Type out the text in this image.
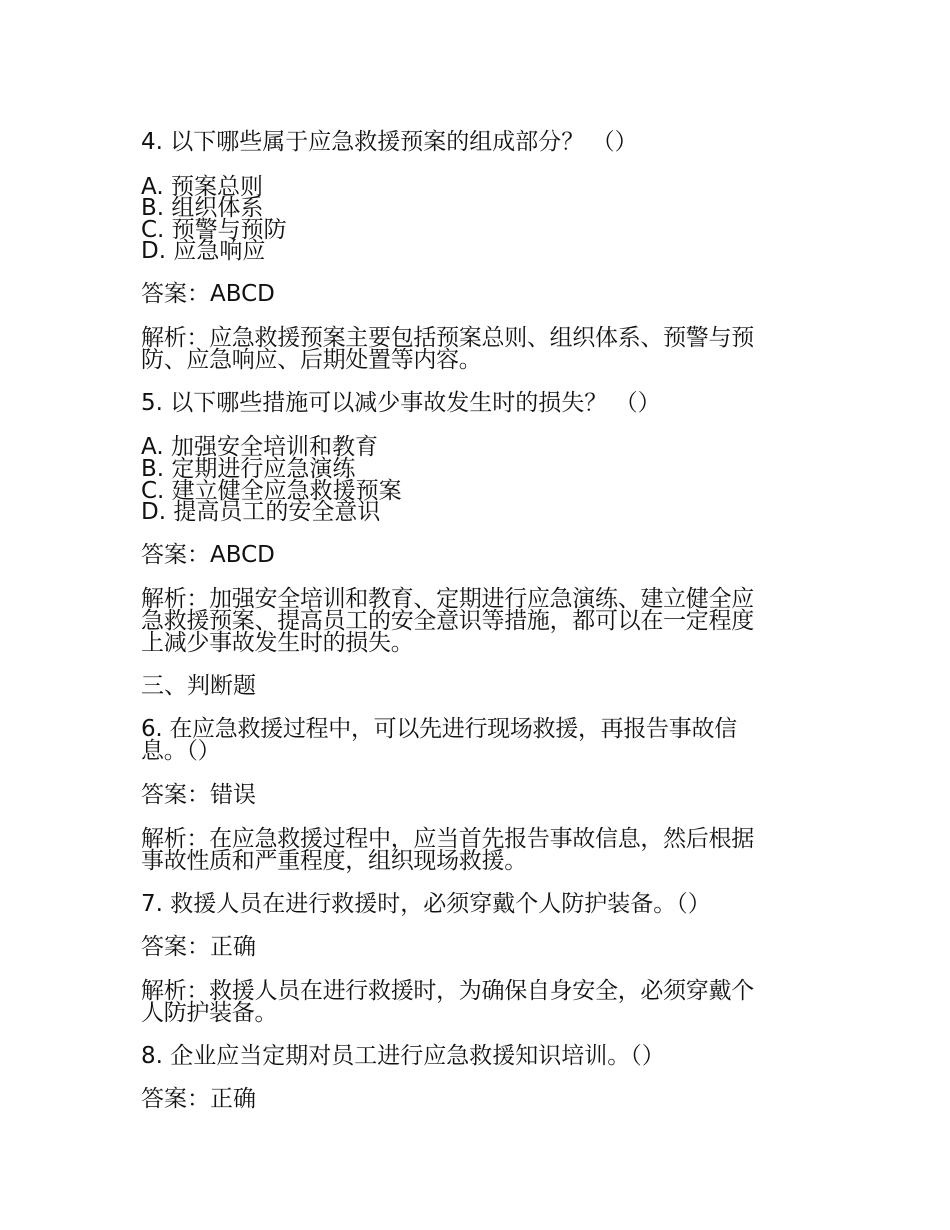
4. 以下哪些属于应急救援预案的组成部分？ （）
A. 预案总则
B. 组织体系
C. 预警与预防
D. 应急响应
答案：ABCD
解析：应急救援预案主要包括预案总则、组织体系、预警与预
防、应急响应、后期处置等内容。
5. 以下哪些措施可以减少事故发生时的损失？ （）
A. 加强安全培训和教育
B. 定期进行应急演练
C. 建立健全应急救援预案
D. 提高员工的安全意识
答案：ABCD
解析：加强安全培训和教育、定期进行应急演练、建立健全应
急救援预案、提高员工的安全意识等措施，都可以在一定程度
上减少事故发生时的损失。
三、判断题
6. 在应急救援过程中，可以先进行现场救援，再报告事故信
息。（）
答案：错误
解析：在应急救援过程中，应当首先报告事故信息，然后根据
事故性质和严重程度，组织现场救援。
7. 救援人员在进行救援时，必须穿戴个人防护装备。（）
答案：正确
解析：救援人员在进行救援时，为确保自身安全，必须穿戴个
人防护装备。
8. 企业应当定期对员工进行应急救援知识培训。（）
答案：正确
